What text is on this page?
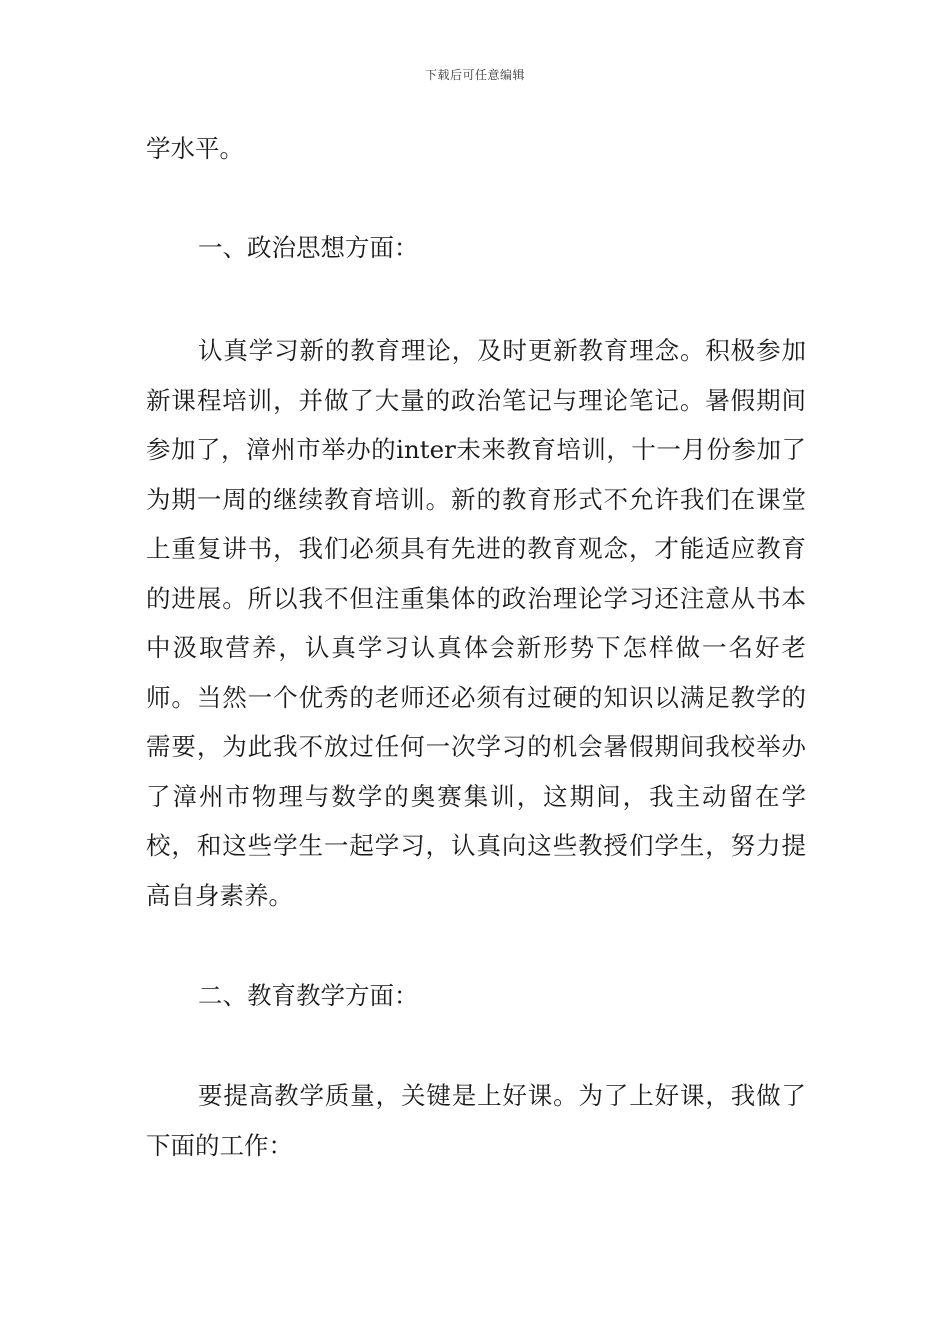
下载后可任意编辑

学水平。

一、政治思想方面：

认真学习新的教育理论，及时更新教育理念。积极参加新课程培训，并做了大量的政治笔记与理论笔记。暑假期间参加了，漳州市举办的inter未来教育培训，十一月份参加了为期一周的继续教育培训。新的教育形式不允许我们在课堂上重复讲书，我们必须具有先进的教育观念，才能适应教育的进展。所以我不但注重集体的政治理论学习还注意从书本中汲取营养，认真学习认真体会新形势下怎样做一名好老师。当然一个优秀的老师还必须有过硬的知识以满足教学的需要，为此我不放过任何一次学习的机会暑假期间我校举办了漳州市物理与数学的奥赛集训，这期间，我主动留在学校，和这些学生一起学习，认真向这些教授们学生，努力提高自身素养。

二、教育教学方面：

要提高教学质量，关键是上好课。为了上好课，我做了下面的工作：
